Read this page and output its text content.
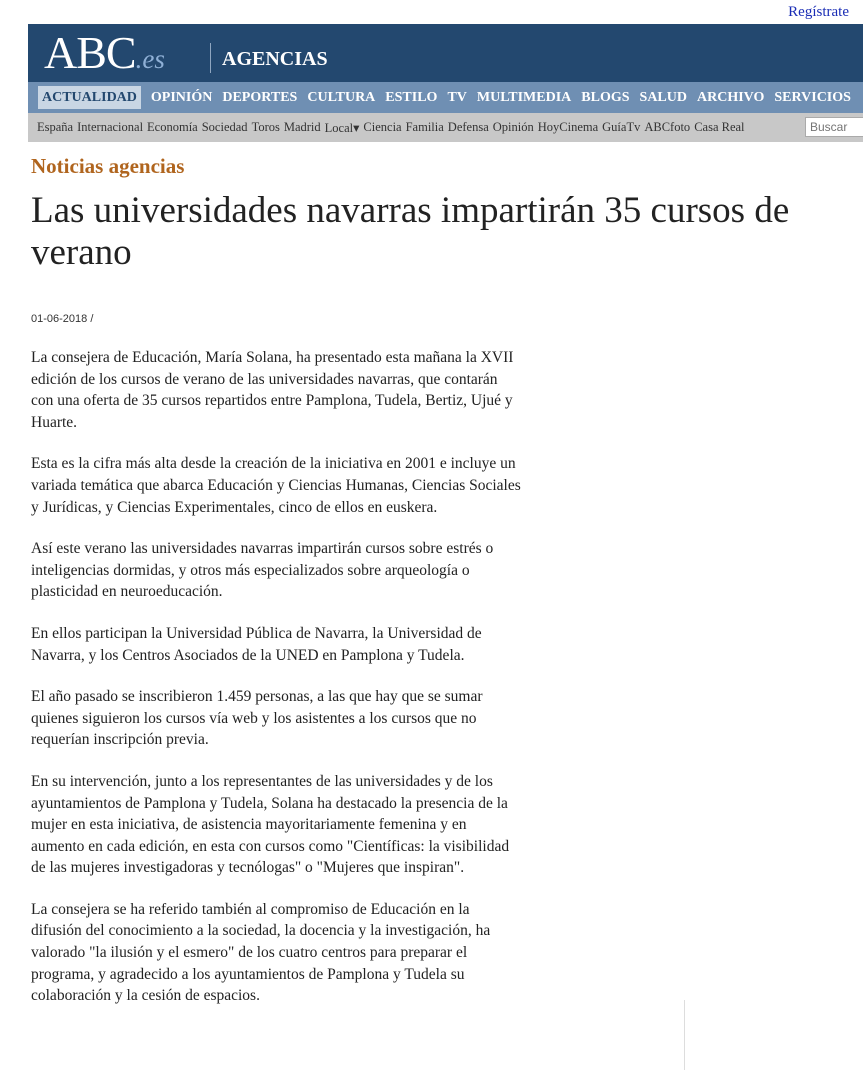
Regístrate
ABC.es	AGENCIAS
ACTUALIDAD OPINIÓN DEPORTES CULTURA ESTILO TV MULTIMEDIA BLOGS SALUD ARCHIVO SERVICIOS
España Internacional Economía Sociedad Toros Madrid Local▾ Ciencia Familia Defensa Opinión HoyCinema GuíaTv ABCfoto Casa Real
Buscar
Noticias agencias
Las universidades navarras impartirán 35 cursos de verano
01-06-2018 /

La consejera de Educación, María Solana, ha presentado esta mañana la XVII edición de los cursos de verano de las universidades navarras, que contarán con una oferta de 35 cursos repartidos entre Pamplona, Tudela, Bertiz, Ujué y Huarte.

Esta es la cifra más alta desde la creación de la iniciativa en 2001 e incluye un variada temática que abarca Educación y Ciencias Humanas, Ciencias Sociales y Jurídicas, y Ciencias Experimentales, cinco de ellos en euskera.

Así este verano las universidades navarras impartirán cursos sobre estrés o inteligencias dormidas, y otros más especializados sobre arqueología o plasticidad en neuroeducación.

En ellos participan la Universidad Pública de Navarra, la Universidad de Navarra, y los Centros Asociados de la UNED en Pamplona y Tudela.

El año pasado se inscribieron 1.459 personas, a las que hay que se sumar quienes siguieron los cursos vía web y los asistentes a los cursos que no requerían inscripción previa.

En su intervención, junto a los representantes de las universidades y de los ayuntamientos de Pamplona y Tudela, Solana ha destacado la presencia de la mujer en esta iniciativa, de asistencia mayoritariamente femenina y en aumento en cada edición, en esta con cursos como "Científicas: la visibilidad de las mujeres investigadoras y tecnólogas" o "Mujeres que inspiran".

La consejera se ha referido también al compromiso de Educación en la difusión del conocimiento a la sociedad, la docencia y la investigación, ha valorado "la ilusión y el esmero" de los cuatro centros para preparar el programa, y agradecido a los ayuntamientos de Pamplona y Tudela su colaboración y la cesión de espacios.
